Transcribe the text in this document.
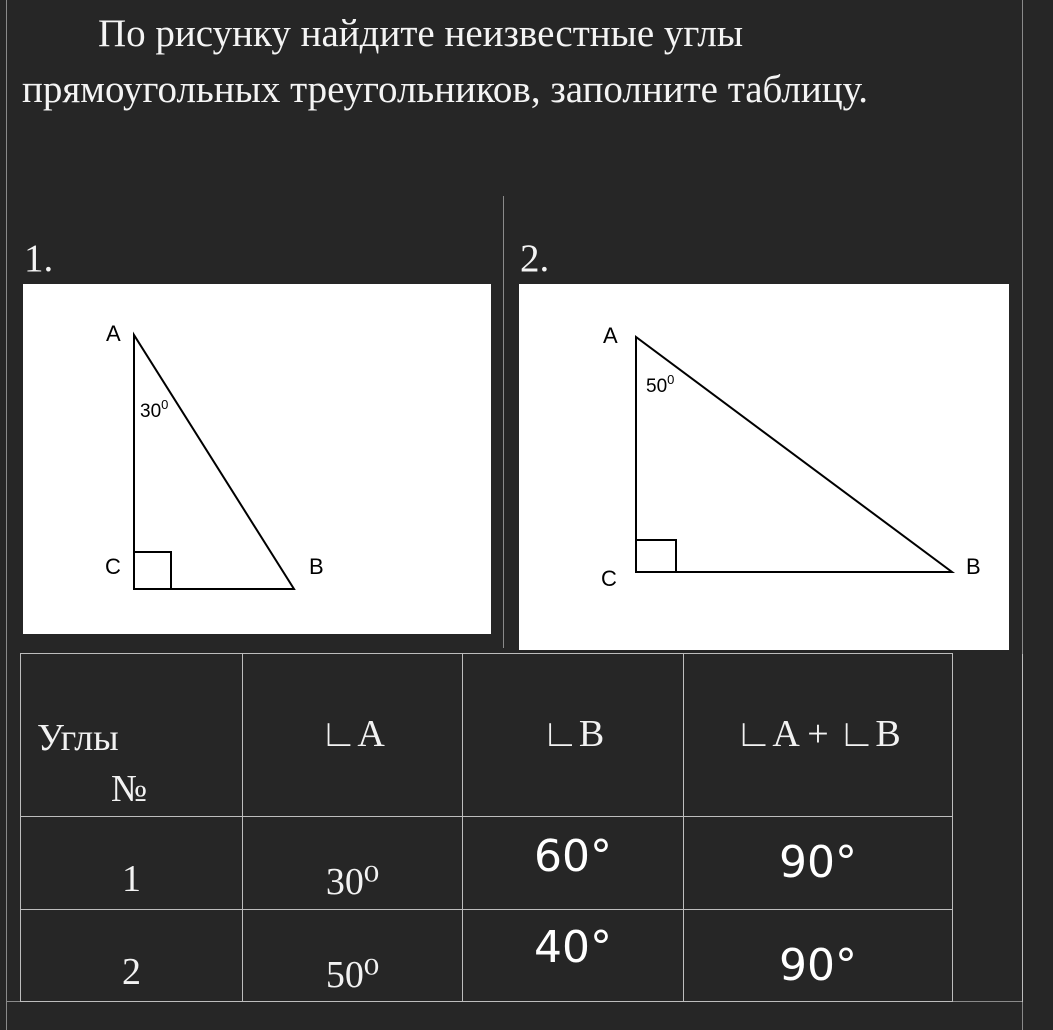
По рисунку найдите неизвестные углы
прямоугольных треугольников, заполните таблицу.
1.	2.
A
C	B
$30^0$
A
C	B
$50^0$
Углы
№	∟A	∟B	∟A + ∟B	

1	30⁰	60°	90°	

2	50⁰	40°	90°	
